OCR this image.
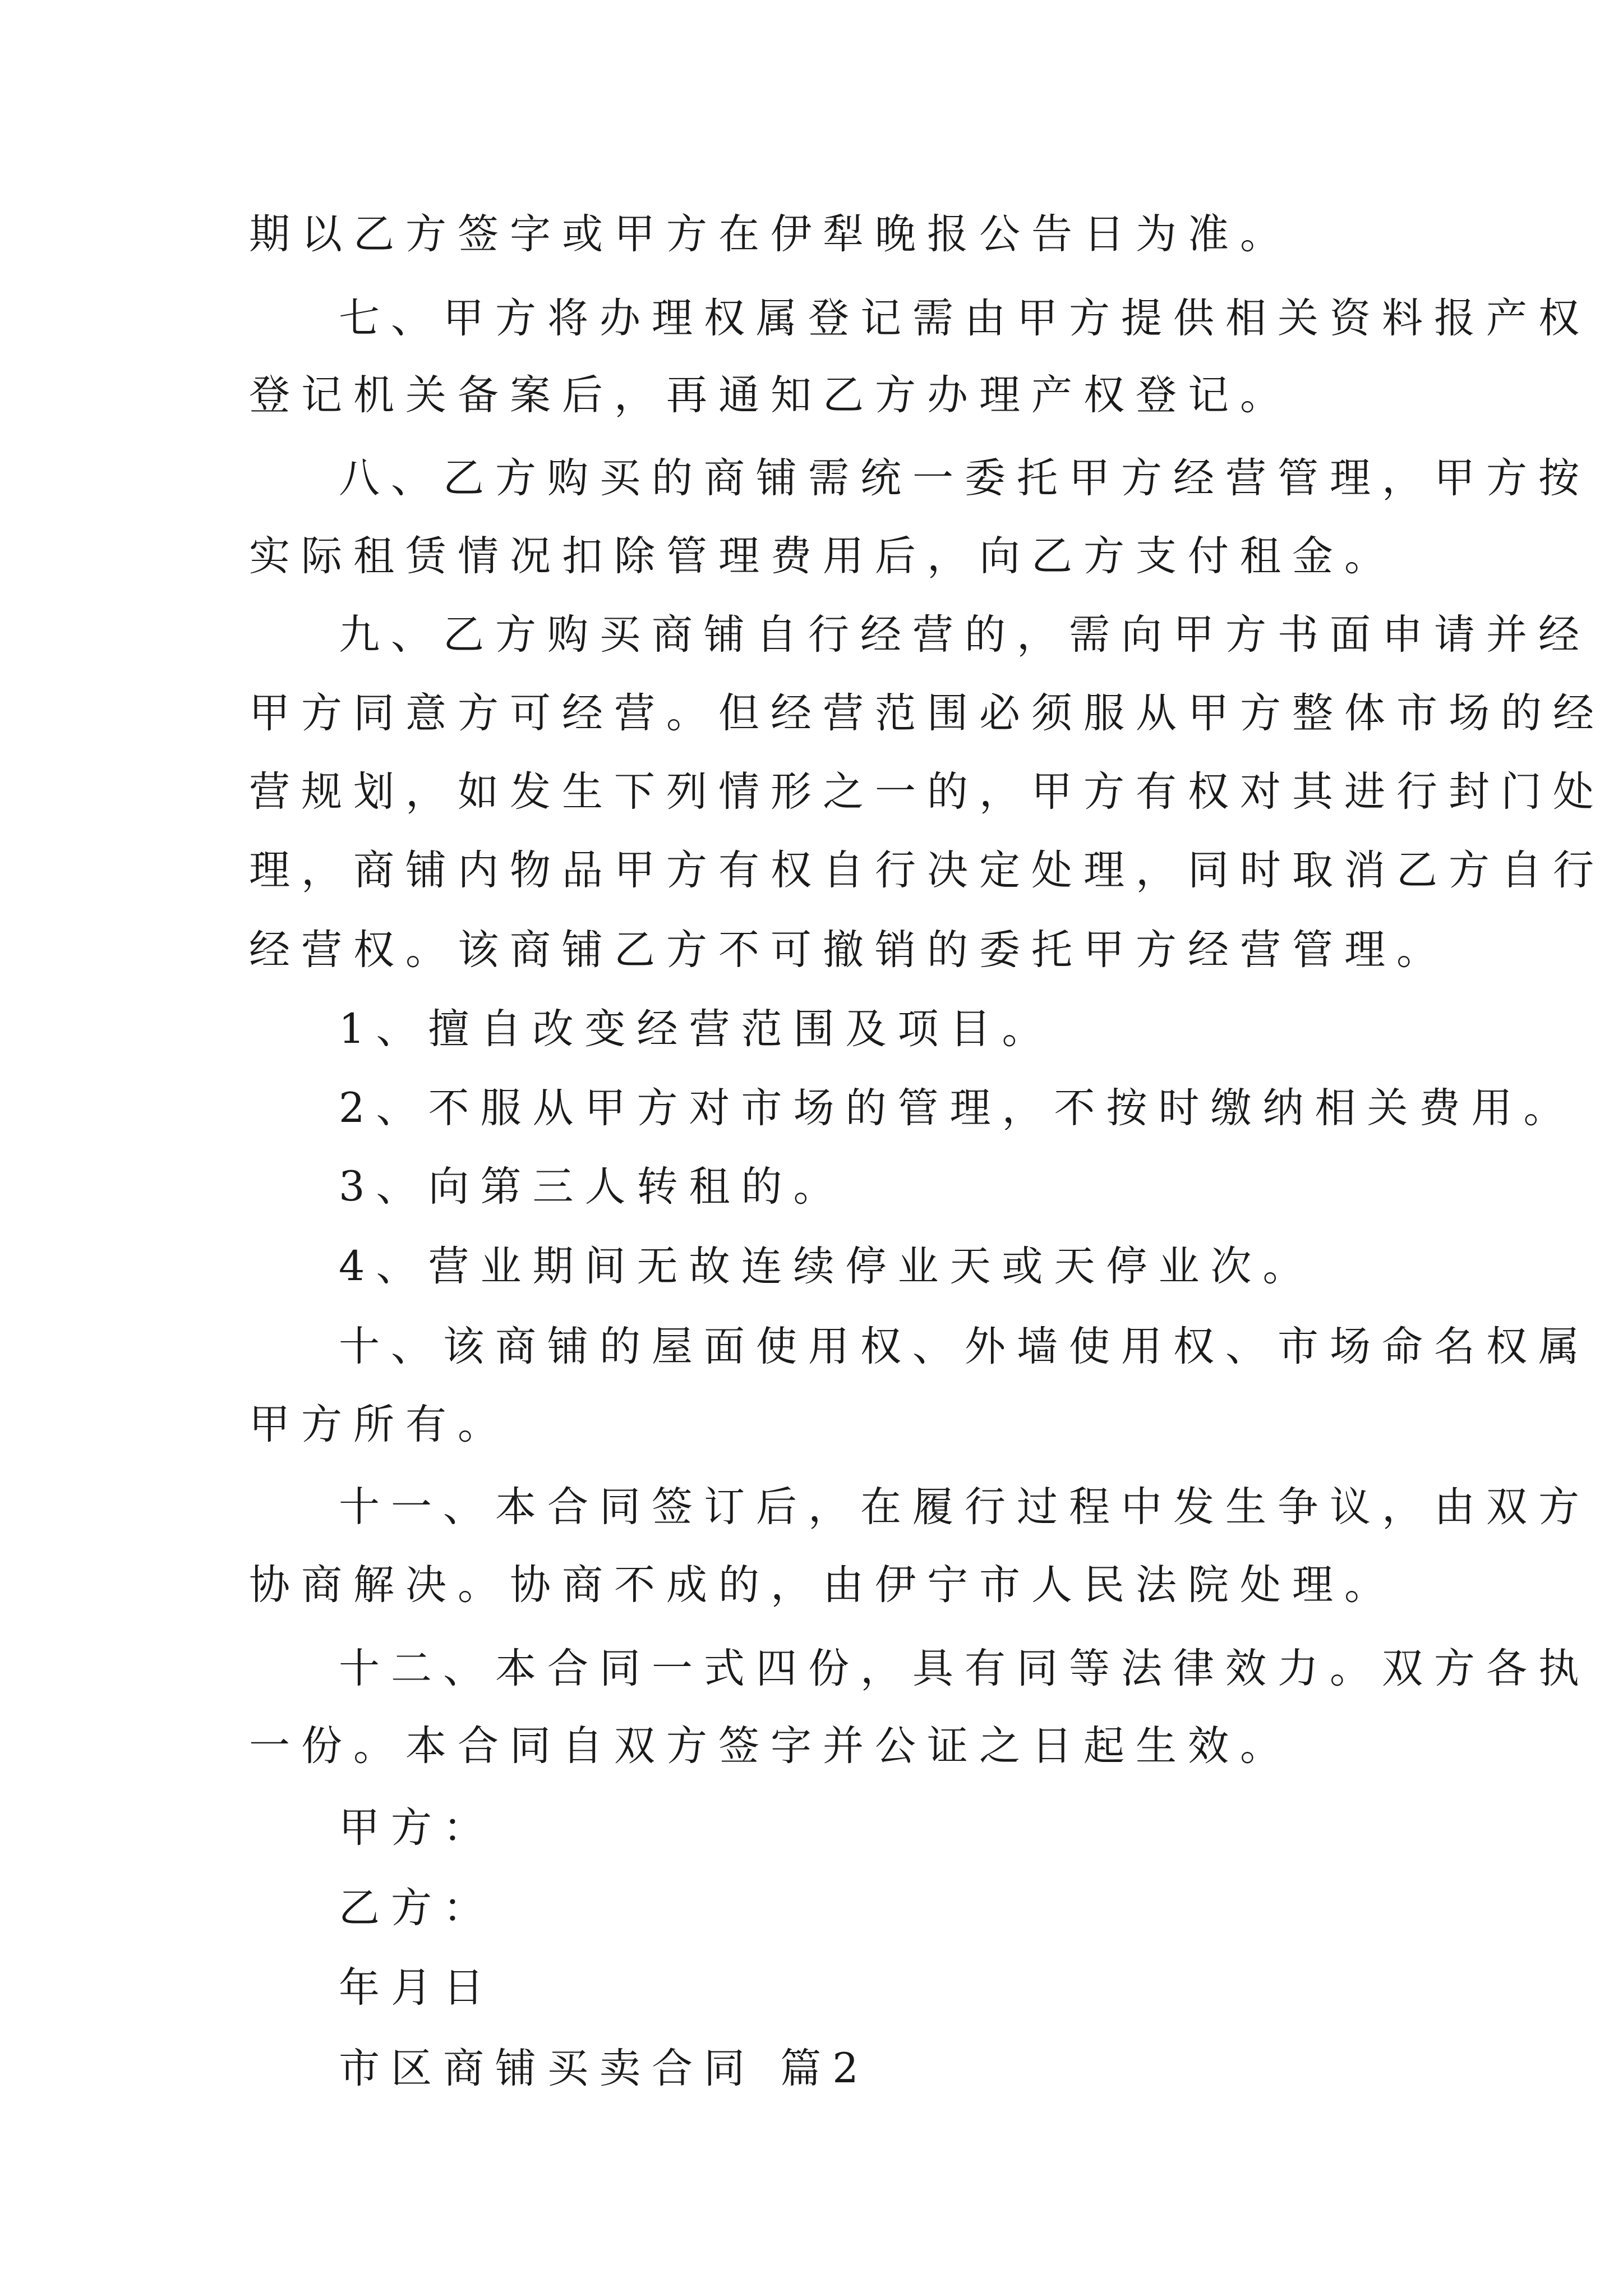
期以乙方签字或甲方在伊犁晚报公告日为准。

七、甲方将办理权属登记需由甲方提供相关资料报产权

登记机关备案后，再通知乙方办理产权登记。

八、乙方购买的商铺需统一委托甲方经营管理，甲方按

实际租赁情况扣除管理费用后，向乙方支付租金。

九、乙方购买商铺自行经营的，需向甲方书面申请并经

甲方同意方可经营。但经营范围必须服从甲方整体市场的经

营规划，如发生下列情形之一的，甲方有权对其进行封门处

理，商铺内物品甲方有权自行决定处理，同时取消乙方自行

经营权。该商铺乙方不可撤销的委托甲方经营管理。

1、擅自改变经营范围及项目。

2、不服从甲方对市场的管理，不按时缴纳相关费用。

3、向第三人转租的。

4、营业期间无故连续停业天或天停业次。

十、该商铺的屋面使用权、外墙使用权、市场命名权属

甲方所有。

十一、本合同签订后，在履行过程中发生争议，由双方

协商解决。协商不成的，由伊宁市人民法院处理。

十二、本合同一式四份，具有同等法律效力。双方各执

一份。本合同自双方签字并公证之日起生效。

甲方：

乙方：

年月日

市区商铺买卖合同 篇2
